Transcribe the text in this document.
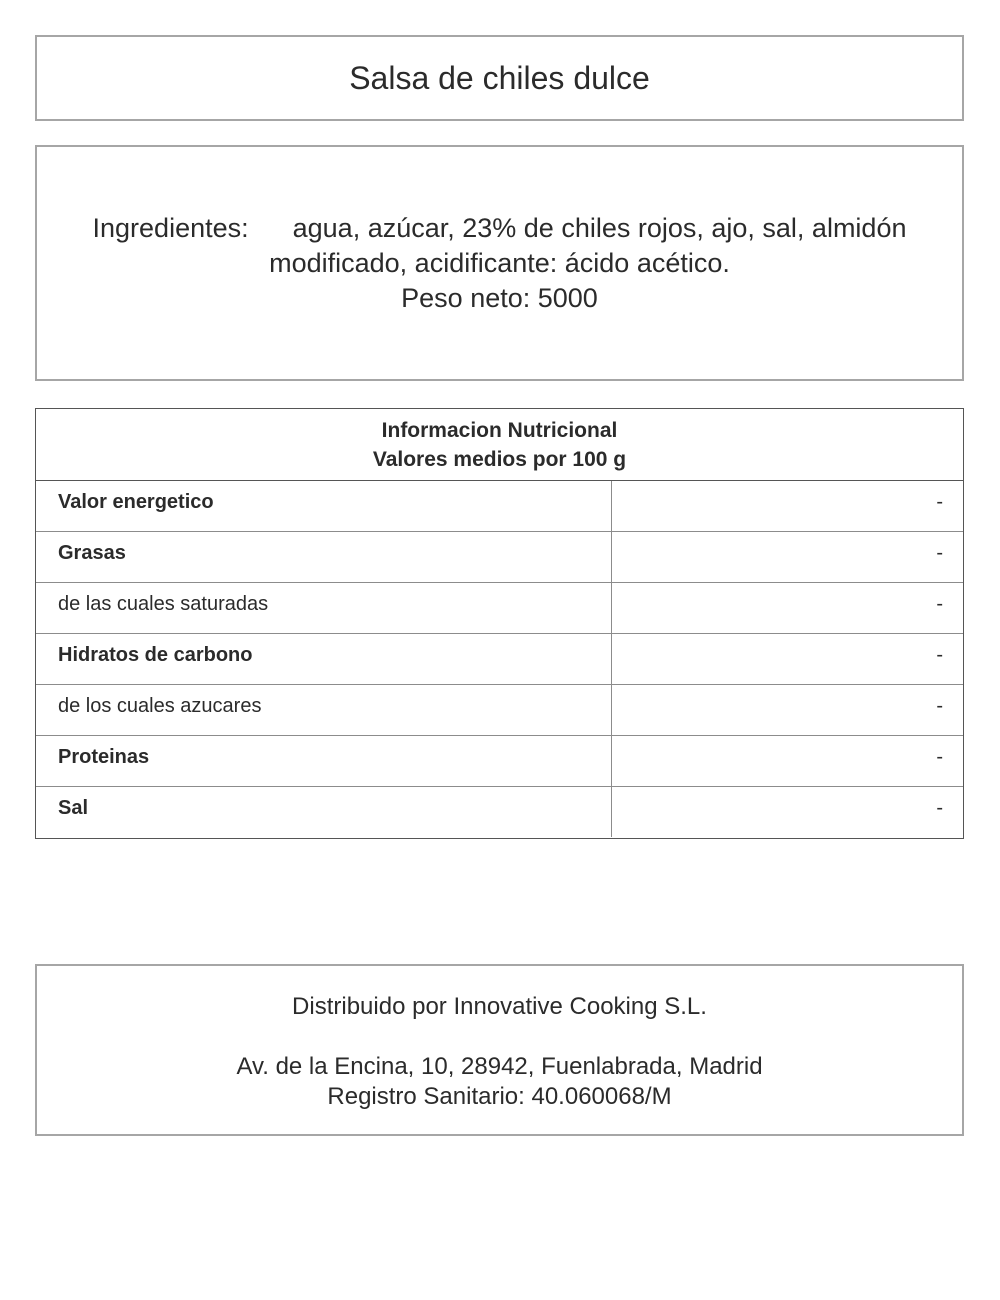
Salsa de chiles dulce
Ingredientes: agua, azúcar, 23% de chiles rojos, ajo, sal, almidón modificado, acidificante: ácido acético.
Peso neto: 5000
Informacion Nutricional
Valores medios por 100 g
Valor energetico	-
Grasas	-
de las cuales saturadas	-
Hidratos de carbono	-
de los cuales azucares	-
Proteinas	-
Sal	-
Distribuido por Innovative Cooking S.L.
Av. de la Encina, 10, 28942, Fuenlabrada, Madrid
Registro Sanitario: 40.060068/M
